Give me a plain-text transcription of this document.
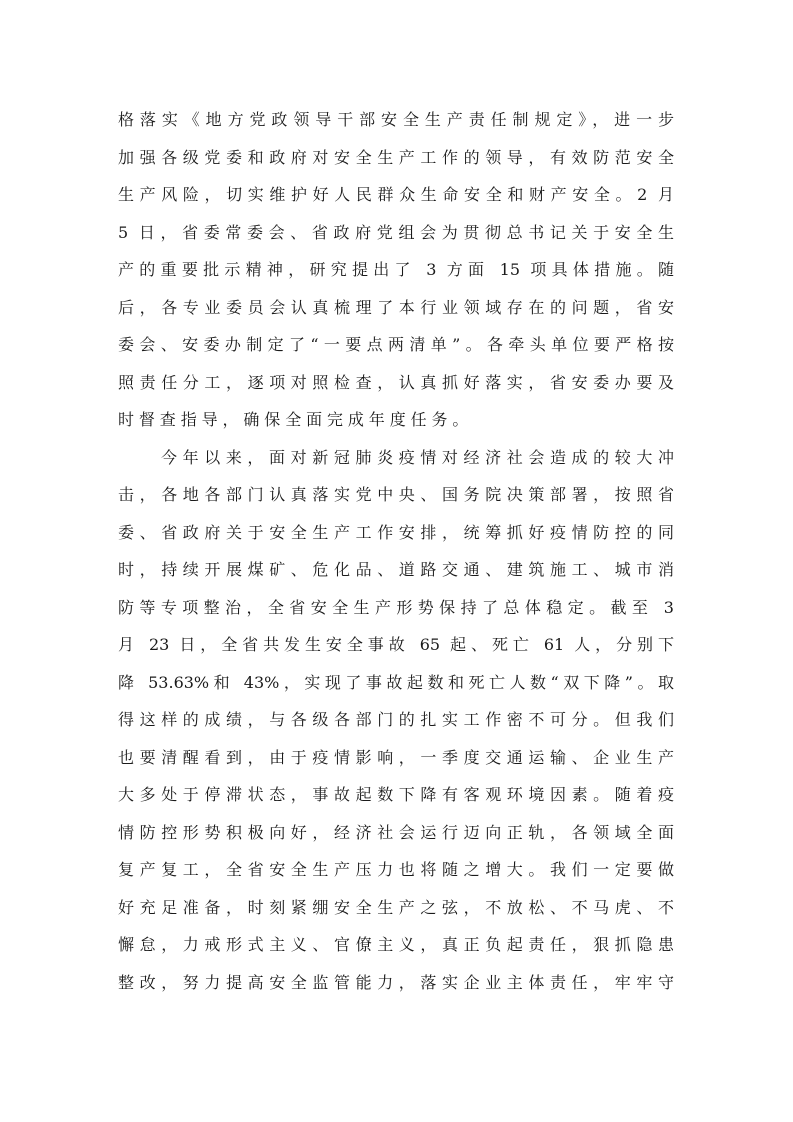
格落实《地方党政领导干部安全生产责任制规定》，进一步
加强各级党委和政府对安全生产工作的领导，有效防范安全
生产风险，切实维护好人民群众生命安全和财产安全。2 月
5 日，省委常委会、省政府党组会为贯彻总书记关于安全生
产的重要批示精神，研究提出了 3 方面 15 项具体措施。随
后，各专业委员会认真梳理了本行业领域存在的问题，省安
委会、安委办制定了“一要点两清单”。各牵头单位要严格按
照责任分工，逐项对照检查，认真抓好落实，省安委办要及
时督查指导，确保全面完成年度任务。
今年以来，面对新冠肺炎疫情对经济社会造成的较大冲
击，各地各部门认真落实党中央、国务院决策部署，按照省
委、省政府关于安全生产工作安排，统筹抓好疫情防控的同
时，持续开展煤矿、危化品、道路交通、建筑施工、城市消
防等专项整治，全省安全生产形势保持了总体稳定。截至 3
月 23 日，全省共发生安全事故 65 起、死亡 61 人，分别下
降 53.63%和 43%，实现了事故起数和死亡人数“双下降”。取
得这样的成绩，与各级各部门的扎实工作密不可分。但我们
也要清醒看到，由于疫情影响，一季度交通运输、企业生产
大多处于停滞状态，事故起数下降有客观环境因素。随着疫
情防控形势积极向好，经济社会运行迈向正轨，各领域全面
复产复工，全省安全生产压力也将随之增大。我们一定要做
好充足准备，时刻紧绷安全生产之弦，不放松、不马虎、不
懈怠，力戒形式主义、官僚主义，真正负起责任，狠抓隐患
整改，努力提高安全监管能力，落实企业主体责任，牢牢守
